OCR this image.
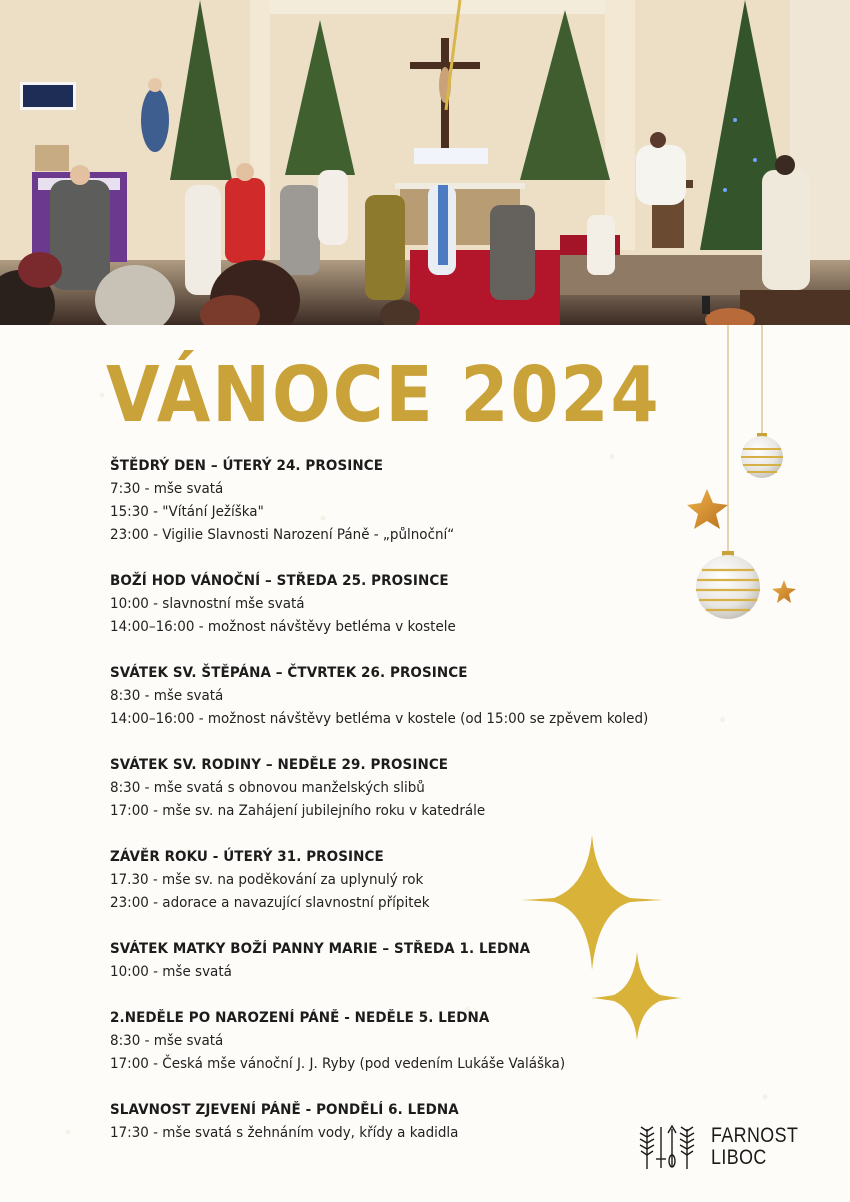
VÁNOCE 2024
ŠTĚDRÝ DEN – ÚTERÝ 24. PROSINCE
7:30 - mše svatá
15:30 - "Vítání Ježíška"
23:00 - Vigilie Slavnosti Narození Páně - „půlnoční“
BOŽÍ HOD VÁNOČNÍ – STŘEDA 25. PROSINCE
10:00 - slavnostní mše svatá
14:00–16:00 - možnost návštěvy betléma v kostele
SVÁTEK SV. ŠTĚPÁNA – ČTVRTEK 26. PROSINCE
8:30 - mše svatá
14:00–16:00 - možnost návštěvy betléma v kostele (od 15:00 se zpěvem koled)
SVÁTEK SV. RODINY – NEDĚLE 29. PROSINCE
8:30 - mše svatá s obnovou manželských slibů
17:00 - mše sv. na Zahájení jubilejního roku v katedrále
ZÁVĚR ROKU - ÚTERÝ 31. PROSINCE
17.30 - mše sv. na poděkování za uplynulý rok
23:00 - adorace a navazující slavnostní přípitek
SVÁTEK MATKY BOŽÍ PANNY MARIE – STŘEDA 1. LEDNA
10:00 - mše svatá
2.NEDĚLE PO NAROZENÍ PÁNĚ - NEDĚLE 5. LEDNA
8:30 - mše svatá
17:00 - Česká mše vánoční J. J. Ryby (pod vedením Lukáše Valáška)
SLAVNOST ZJEVENÍ PÁNĚ - PONDĚLÍ 6. LEDNA
17:30 - mše svatá s žehnáním vody, křídy a kadidla	FARNOST
LIBOC
